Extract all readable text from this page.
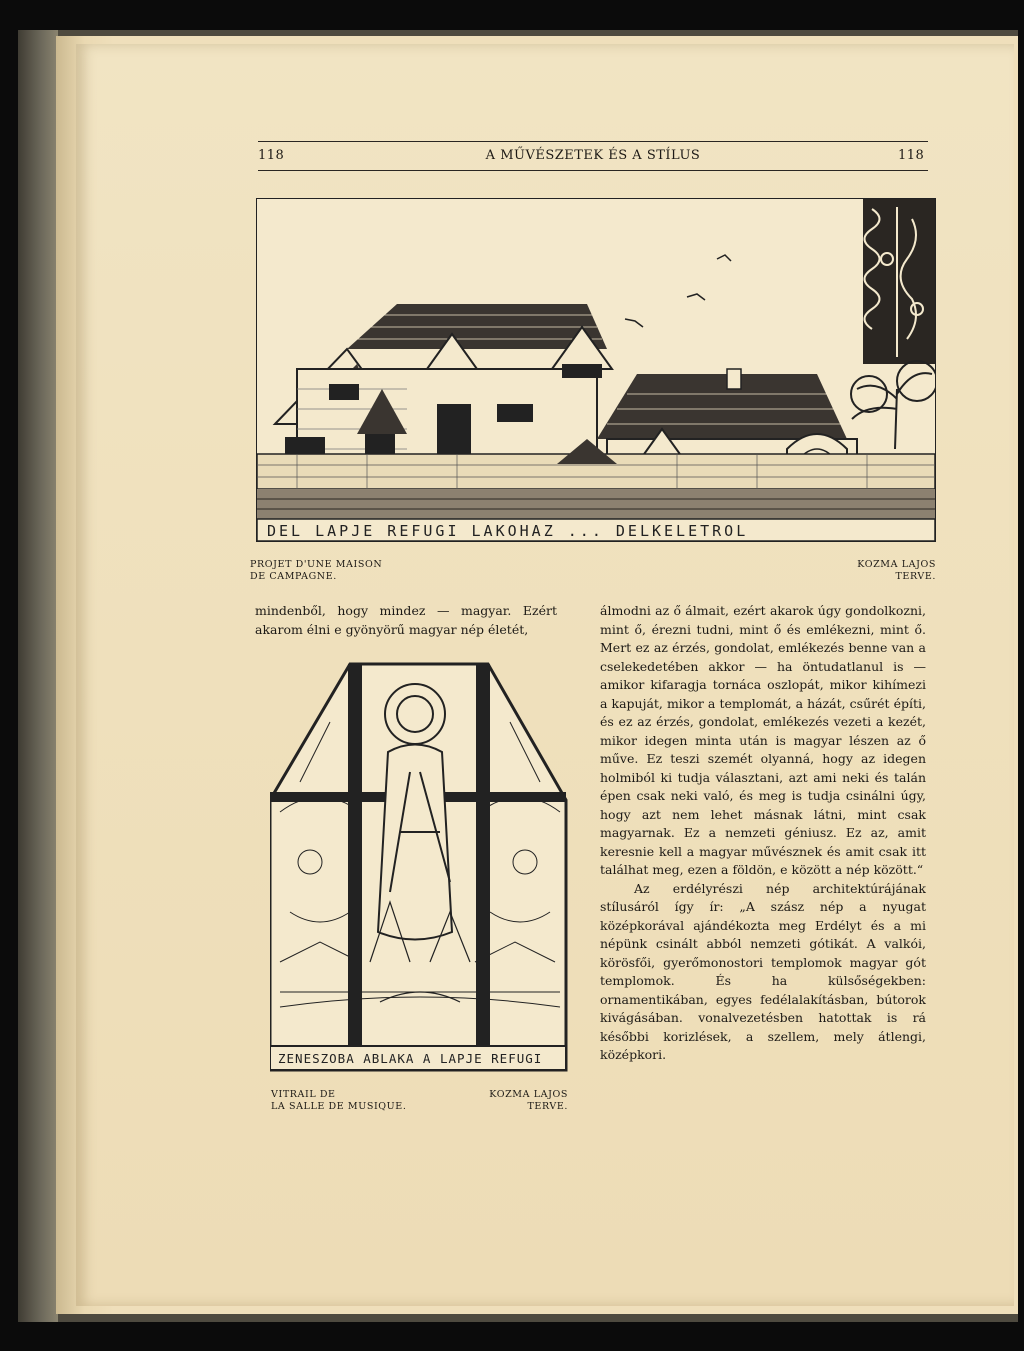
118	A MŰVÉSZETEK ÉS A STÍLUS	118
DEL LAPJE REFUGI LAKOHAZ ... DELKELETROL
PROJET D'UNE MAISON
DE CAMPAGNE.
KOZMA LAJOS
TERVE.

mindenből, hogy mindez — magyar. Ezért akarom élni e gyönyörű magyar nép életét,

ZENESZOBA ABLAKA A LAPJE REFUGI
VITRAIL DE
LA SALLE DE MUSIQUE.
KOZMA LAJOS
TERVE.

álmodni az ő álmait, ezért akarok úgy gondolkozni, mint ő, érezni tudni, mint ő és emlékezni, mint ő. Mert ez az érzés, gondolat, emlékezés benne van a cselekedetében akkor — ha öntudatlanul is — amikor kifaragja tornáca oszlopát, mikor kihímezi a kapuját, mikor a templomát, a házát, csűrét építi, és ez az érzés, gondolat, emlékezés vezeti a kezét, mikor idegen minta után is magyar lészen az ő műve. Ez teszi szemét olyanná, hogy az idegen holmiból ki tudja választani, azt ami neki és talán épen csak neki való, és meg is tudja csinálni úgy, hogy azt nem lehet másnak látni, mint csak magyarnak. Ez a nemzeti géniusz. Ez az, amit keresnie kell a magyar művésznek és amit csak itt találhat meg, ezen a földön, e között a nép között.“

Az erdélyrészi nép architektúrájának stílusáról így ír: „A szász nép a nyugat középkorával ajándékozta meg Erdélyt és a mi népünk csinált abból nemzeti gótikát. A valkói, körösfői, gyerőmonostori templomok magyar gót templomok. És ha külsőségekben: ornamentikában, egyes fedélalakításban, bútorok kivágásában. vonalvezetésben hatottak is rá későbbi korizlések, a szellem, mely átlengi, középkori.
